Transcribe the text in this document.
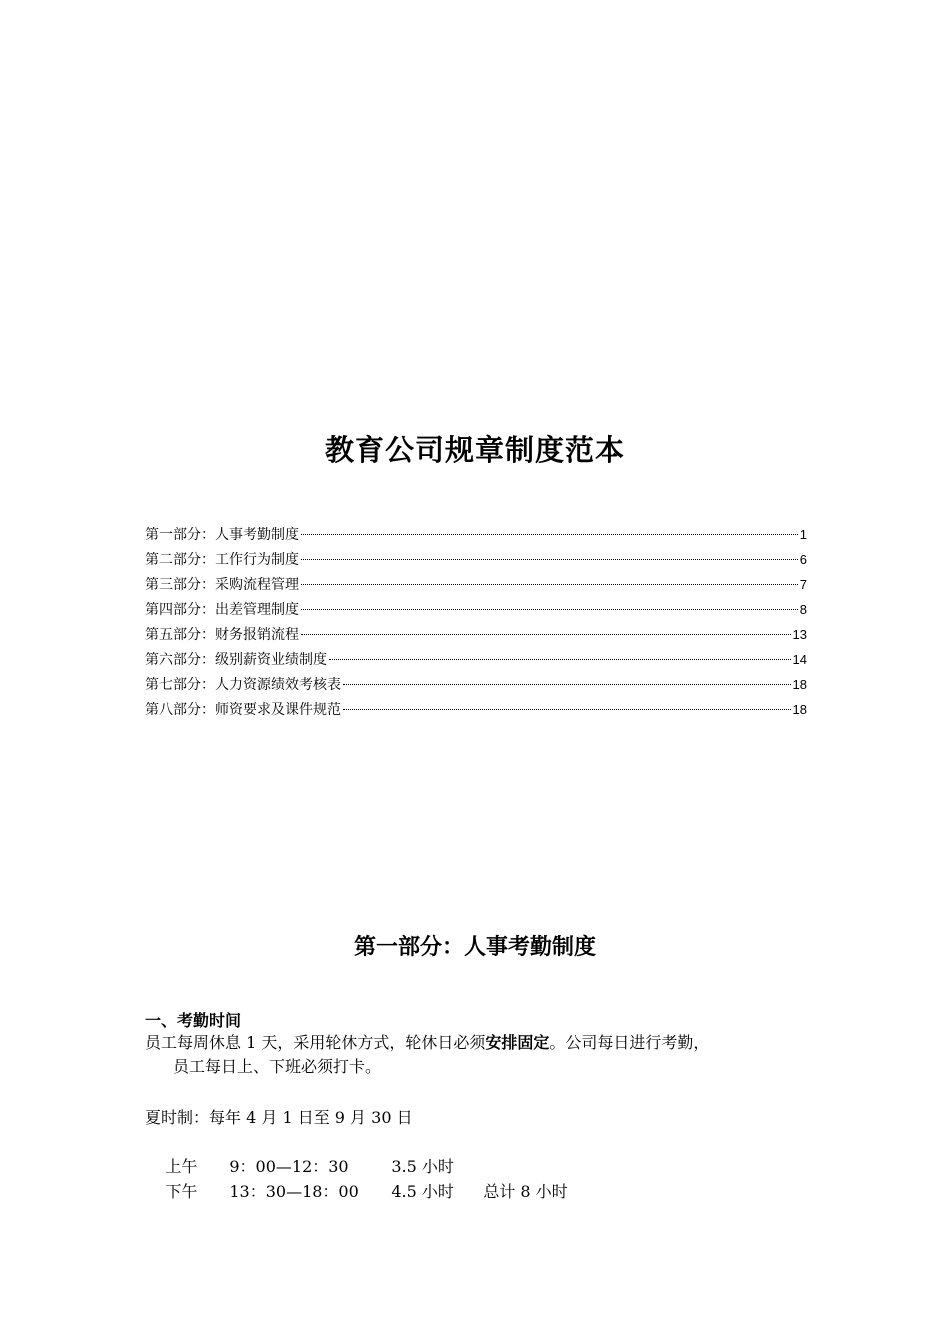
教育公司规章制度范本
第一部分：人事考勤制度	1
第二部分：工作行为制度	6
第三部分：采购流程管理	7
第四部分：出差管理制度	8
第五部分：财务报销流程	13
第六部分：级别薪资业绩制度	14
第七部分：人力资源绩效考核表	18
第八部分：师资要求及课件规范	18
第一部分：人事考勤制度
一、考勤时间
员工每周休息 1 天，采用轮休方式，轮休日必须安排固定。公司每日进行考勤，
员工每日上、下班必须打卡。
夏时制：每年 4 月 1 日至 9 月 30 日

上午 9：00—12：30	3.5 小时

下午 13：30—18：00 4.5 小时 总计 8 小时
